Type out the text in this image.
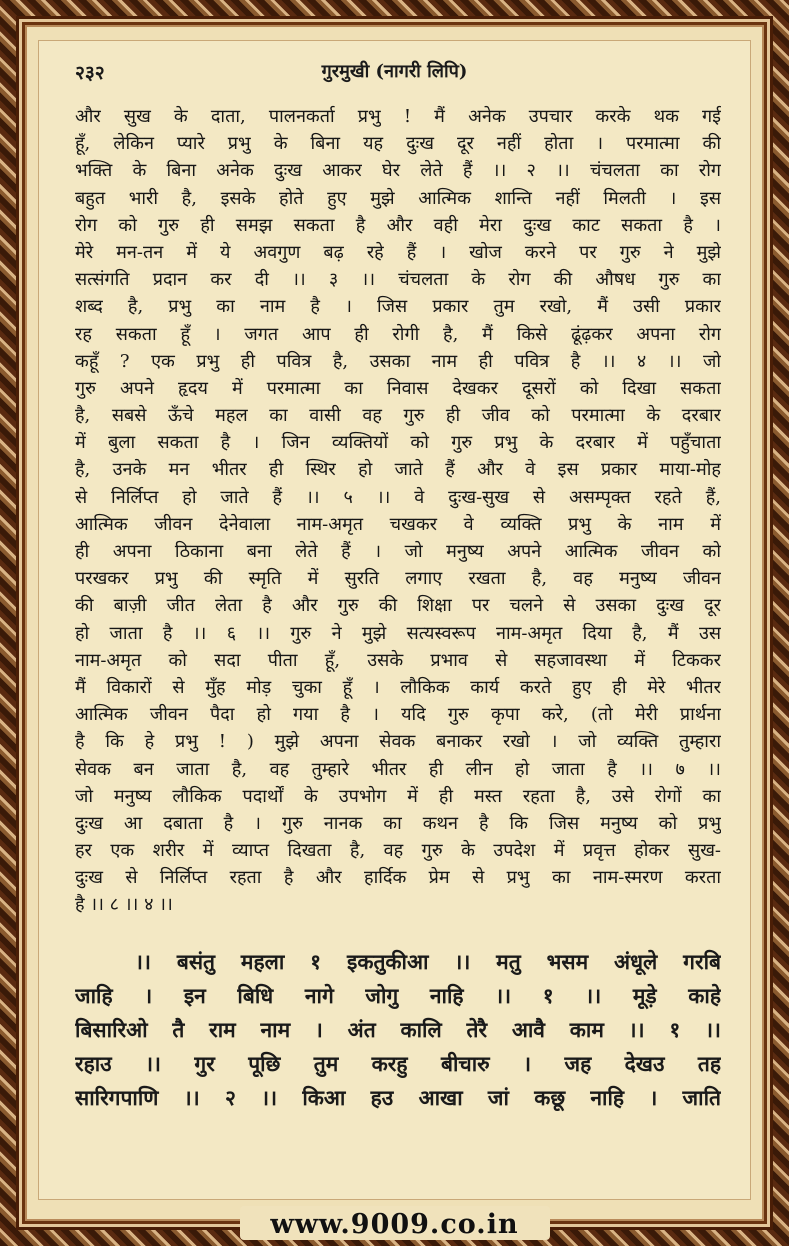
२३२	गुरमुखी (नागरी लिपि)
और सुख के दाता, पालनकर्ता प्रभु ! मैं अनेक उपचार करके थक गई
हूँ, लेकिन प्यारे प्रभु के बिना यह दुःख दूर नहीं होता । परमात्मा की
भक्ति के बिना अनेक दुःख आकर घेर लेते हैं ।। २ ।। चंचलता का रोग
बहुत भारी है, इसके होते हुए मुझे आत्मिक शान्ति नहीं मिलती । इस
रोग को गुरु ही समझ सकता है और वही मेरा दुःख काट सकता है ।
मेरे मन-तन में ये अवगुण बढ़ रहे हैं । खोज करने पर गुरु ने मुझे
सत्संगति प्रदान कर दी ।। ३ ।। चंचलता के रोग की औषध गुरु का
शब्द है, प्रभु का नाम है । जिस प्रकार तुम रखो, मैं उसी प्रकार
रह सकता हूँ । जगत आप ही रोगी है, मैं किसे ढूंढ़कर अपना रोग
कहूँ ? एक प्रभु ही पवित्र है, उसका नाम ही पवित्र है ।। ४ ।। जो
गुरु अपने हृदय में परमात्मा का निवास देखकर दूसरों को दिखा सकता
है, सबसे ऊँचे महल का वासी वह गुरु ही जीव को परमात्मा के दरबार
में बुला सकता है । जिन व्यक्तियों को गुरु प्रभु के दरबार में पहुँचाता
है, उनके मन भीतर ही स्थिर हो जाते हैं और वे इस प्रकार माया-मोह
से निर्लिप्त हो जाते हैं ।। ५ ।। वे दुःख-सुख से असम्पृक्त रहते हैं,
आत्मिक जीवन देनेवाला नाम-अमृत चखकर वे व्यक्ति प्रभु के नाम में
ही अपना ठिकाना बना लेते हैं । जो मनुष्य अपने आत्मिक जीवन को
परखकर प्रभु की स्मृति में सुरति लगाए रखता है, वह मनुष्य जीवन
की बाज़ी जीत लेता है और गुरु की शिक्षा पर चलने से उसका दुःख दूर
हो जाता है ।। ६ ।। गुरु ने मुझे सत्यस्वरूप नाम-अमृत दिया है, मैं उस
नाम-अमृत को सदा पीता हूँ, उसके प्रभाव से सहजावस्था में टिककर
मैं विकारों से मुँह मोड़ चुका हूँ । लौकिक कार्य करते हुए ही मेरे भीतर
आत्मिक जीवन पैदा हो गया है । यदि गुरु कृपा करे, (तो मेरी प्रार्थना
है कि हे प्रभु ! ) मुझे अपना सेवक बनाकर रखो । जो व्यक्ति तुम्हारा
सेवक बन जाता है, वह तुम्हारे भीतर ही लीन हो जाता है ।। ७ ।।
जो मनुष्य लौकिक पदार्थों के उपभोग में ही मस्त रहता है, उसे रोगों का
दुःख आ दबाता है । गुरु नानक का कथन है कि जिस मनुष्य को प्रभु
हर एक शरीर में व्याप्त दिखता है, वह गुरु के उपदेश में प्रवृत्त होकर सुख-
दुःख से निर्लिप्त रहता है और हार्दिक प्रेम से प्रभु का नाम-स्मरण करता
है ।। ८ ।। ४ ।।
।। बसंतु महला १ इकतुकीआ ।। मतु भसम अंधूले गरबि
जाहि । इन बिधि नागे जोगु नाहि ।। १ ।। मूड़े काहे
बिसारिओ तै राम नाम । अंत कालि तेरै आवै काम ।। १ ।।
रहाउ ।। गुर पूछि तुम करहु बीचारु । जह देखउ तह
सारिगपाणि ।। २ ।। किआ हउ आखा जां कछू नाहि । जाति
www.9009.co.in
